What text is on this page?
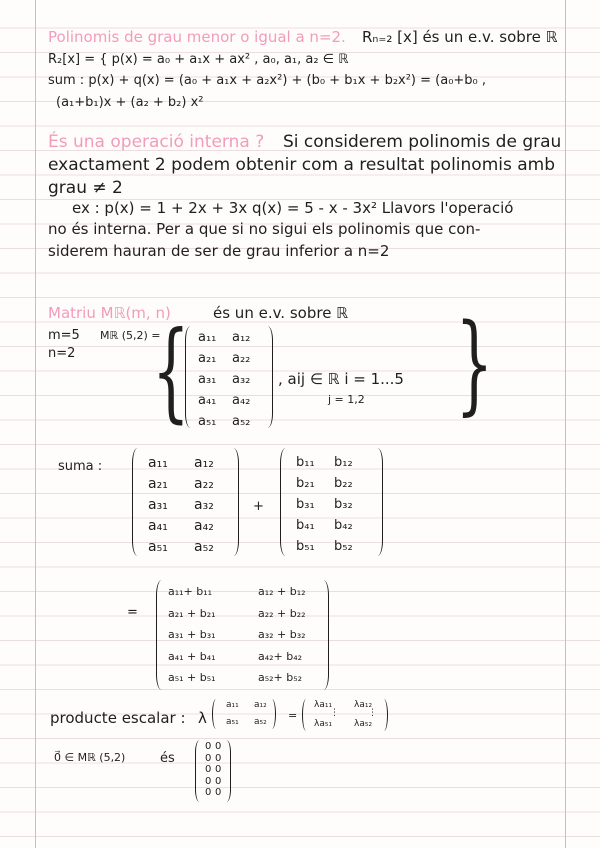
Polinomis de grau menor o igual a n=2. Rₙ₌₂ [x] és un e.v. sobre ℝ
R₂[x] = { p(x) = a₀ + a₁x + ax² , a₀, a₁, a₂ ∈ ℝ
sum : p(x) + q(x) = (a₀ + a₁x + a₂x²) + (b₀ + b₁x + b₂x²) = (a₀+b₀ ,
(a₁+b₁)x + (a₂ + b₂) x²
És una operació interna ? Si considerem polinomis de grau
exactament 2 podem obtenir com a resultat polinomis amb
grau ≠ 2
ex : p(x) = 1 + 2x + 3x q(x) = 5 - x - 3x² Llavors l'operació
no és interna. Per a que si no sigui els polinomis que con-
siderem hauran de ser de grau inferior a n=2
Matriu Mℝ(m, n)	és un e.v. sobre ℝ
m=5
n=2
Mℝ (5,2) =
{	, aij ∈ ℝ i = 1...5
j = 1,2 {
suma :
+
=
producte escalar : λ
a₁₁ a₁₂
a₅₁ a₅₂ =
λa₁₁ λa₁₂
⋮	⋮
λa₅₁ λa₅₂
0⃗ ∈ Mℝ (5,2)	és
a₁₁ a₁₂
a₂₁ a₂₂
a₃₁ a₃₂
a₄₁ a₄₂
a₅₁ a₅₂
a₁₁ a₁₂
a₂₁ a₂₂
a₃₁ a₃₂
a₄₁ a₄₂
a₅₁ a₅₂
b₁₁ b₁₂
b₂₁ b₂₂
b₃₁ b₃₂
b₄₁ b₄₂
b₅₁ b₅₂
a₁₁+ b₁₁	a₁₂ + b₁₂
a₂₁ + b₂₁	a₂₂ + b₂₂
a₃₁ + b₃₁	a₃₂ + b₃₂
a₄₁ + b₄₁	a₄₂+ b₄₂
a₅₁ + b₅₁	a₅₂+ b₅₂
0 0
0 0
0 0
0 0
0 0
